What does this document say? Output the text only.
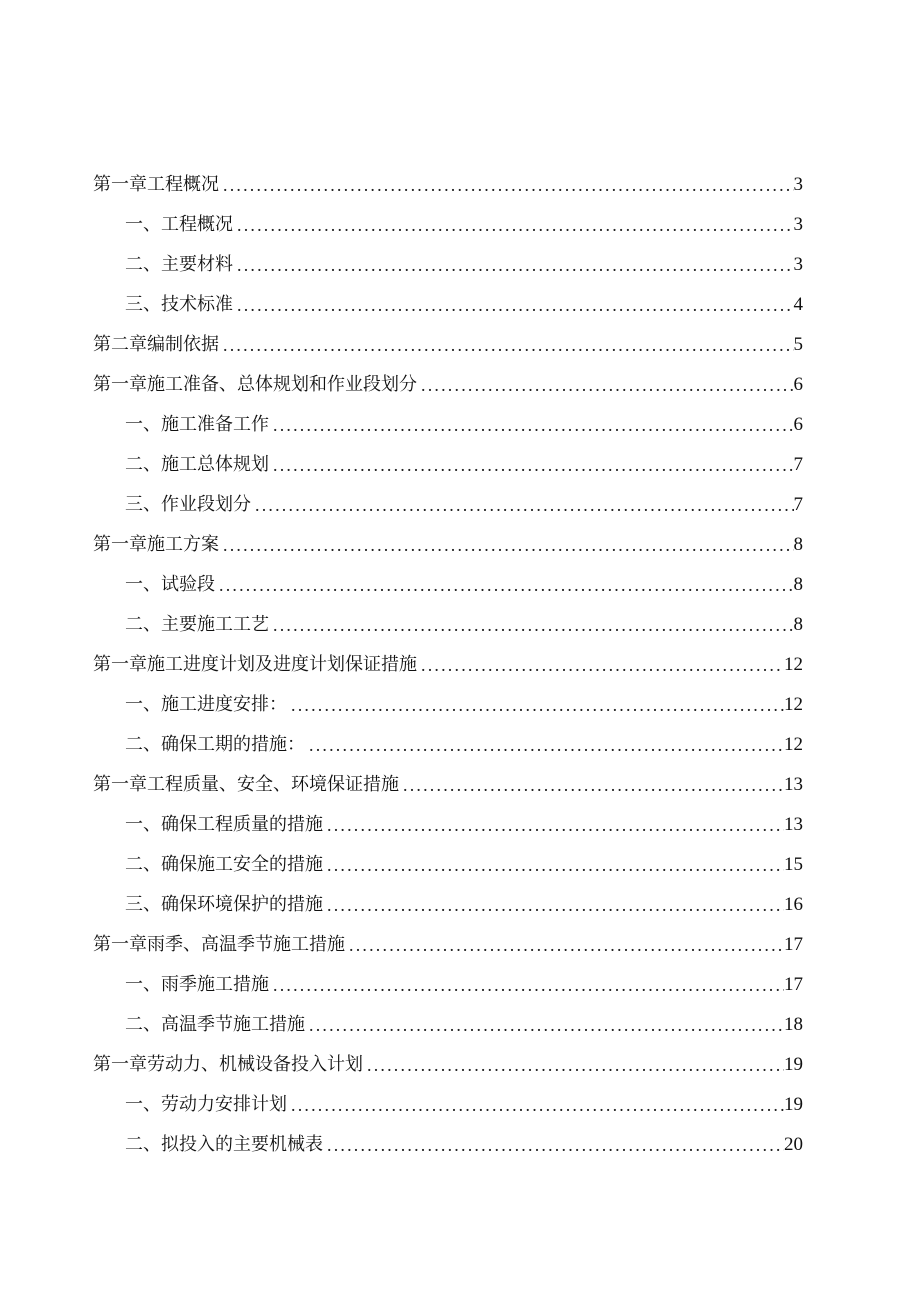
第一章工程概况 .....	3
一、工程概况 .....	3
二、主要材料 .....	3
三、技术标准 .....	4
第二章编制依据 .....	5
第一章施工准备、总体规划和作业段划分 .....	6
一、施工准备工作 .....	6
二、施工总体规划 .....	7
三、作业段划分 .....	7
第一章施工方案 .....	8
一、试验段 .....	8
二、主要施工工艺 .....	8
第一章施工进度计划及进度计划保证措施 .....	12
一、施工进度安排： .....	12
二、确保工期的措施： .....	12
第一章工程质量、安全、环境保证措施 .....	13
一、确保工程质量的措施 .....	13
二、确保施工安全的措施 .....	15
三、确保环境保护的措施 .....	16
第一章雨季、高温季节施工措施 .....	17
一、雨季施工措施 .....	17
二、高温季节施工措施 .....	18
第一章劳动力、机械设备投入计划 .....	19
一、劳动力安排计划 .....	19
二、拟投入的主要机械表 .....	20
